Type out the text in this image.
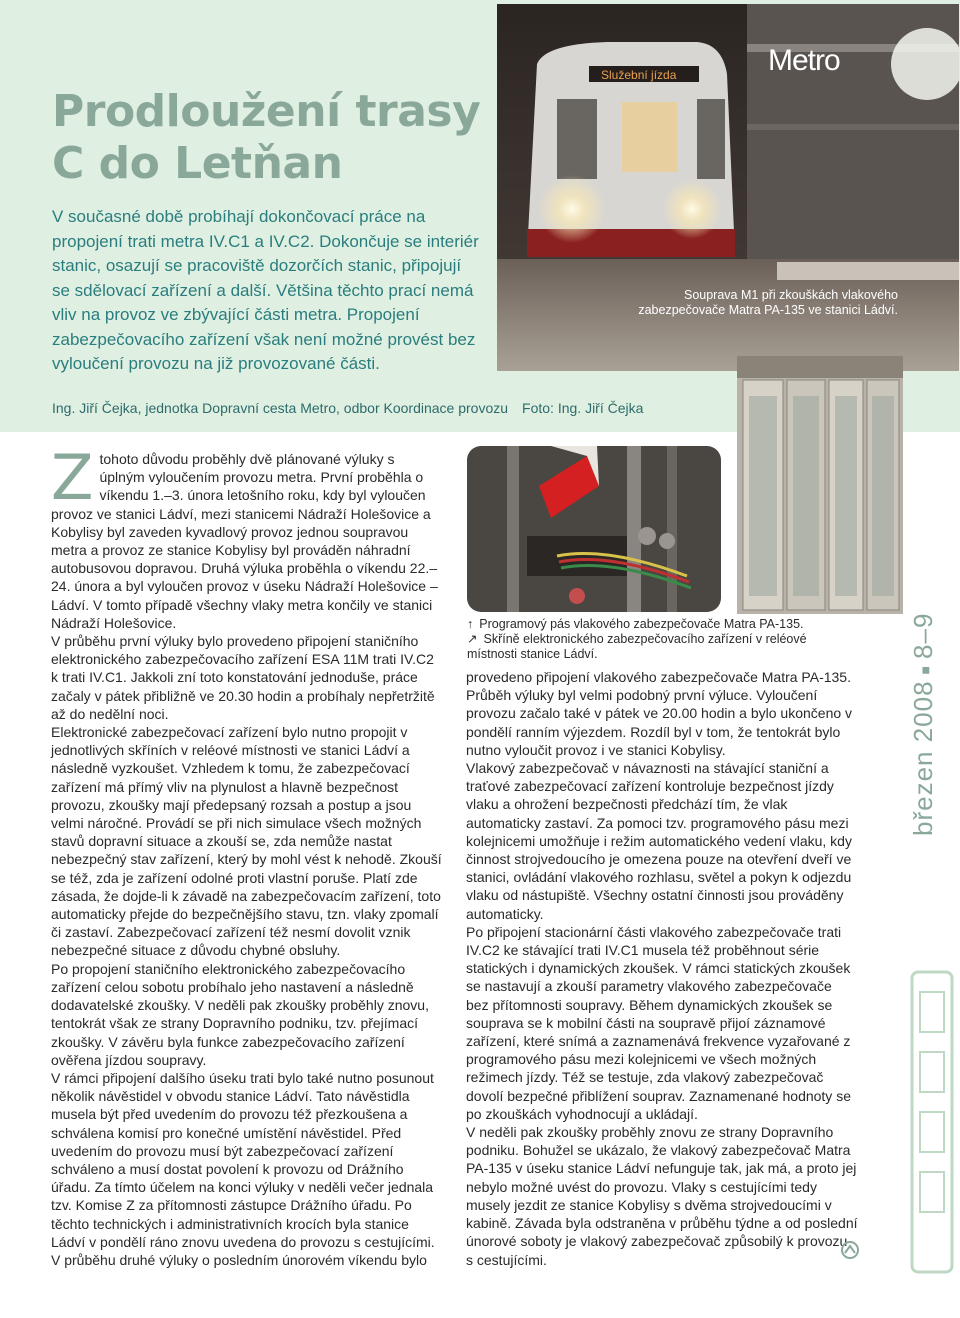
Prodloužení trasy C do Letňan

V současné době probíhají dokončovací práce na propojení trati metra IV.C1 a IV.C2. Dokončuje se interiér stanic, osazují se pracoviště dozorčích stanic, připojují se sdělovací zařízení a další. Většina těchto prací nemá vliv na provoz ve zbývající části metra. Propojení zabezpečovacího zařízení však není možné provést bez vyloučení provozu na již provozované části.

Služební jízda	Metro
Souprava M1 při zkouškách vlakového zabezpečovače Matra PA-135 ve stanici Ládví.
Ing. Jiří Čejka, jednotka Dopravní cesta Metro, odbor Koordinace provozu Foto: Ing. Jiří Čejka
Z tohoto důvodu proběhly dvě plánované výluky s úplným vyloučením provozu metra. První proběhla o víkendu 1.–3. února letošního roku, kdy byl vyloučen provoz ve stanici Ládví, mezi stanicemi Nádraží Holešovice a Kobylisy byl zaveden kyvadlový provoz jednou soupravou metra a provoz ze stanice Kobylisy byl prováděn náhradní autobusovou dopravou. Druhá výluka proběhla o víkendu 22.–24. února a byl vyloučen provoz v úseku Nádraží Holešovice – Ládví. V tomto případě všechny vlaky metra končily ve stanici Nádraží Holešovice.

V průběhu první výluky bylo provedeno připojení staničního elektronického zabezpečovacího zařízení ESA 11M trati IV.C2 k trati IV.C1. Jakkoli zní toto konstatování jednoduše, práce začaly v pátek přibližně ve 20.30 hodin a probíhaly nepřetržitě až do nedělní noci.

Elektronické zabezpečovací zařízení bylo nutno propojit v jednotlivých skříních v reléové místnosti ve stanici Ládví a následně vyzkoušet. Vzhledem k tomu, že zabezpečovací zařízení má přímý vliv na plynulost a hlavně bezpečnost provozu, zkoušky mají předepsaný rozsah a postup a jsou velmi náročné. Provádí se při nich simulace všech možných stavů dopravní situace a zkouší se, zda nemůže nastat nebezpečný stav zařízení, který by mohl vést k nehodě. Zkouší se též, zda je zařízení odolné proti vlastní poruše. Platí zde zásada, že dojde-li k závadě na zabezpečovacím zařízení, toto automaticky přejde do bezpečnějšího stavu, tzn. vlaky zpomalí či zastaví. Zabezpečovací zařízení též nesmí dovolit vznik nebezpečné situace z důvodu chybné obsluhy.

Po propojení staničního elektronického zabezpečovacího zařízení celou sobotu probíhalo jeho nastavení a následně dodavatelské zkoušky. V neděli pak zkoušky proběhly znovu, tentokrát však ze strany Dopravního podniku, tzv. přejímací zkoušky. V závěru byla funkce zabezpečovacího zařízení ověřena jízdou soupravy.

V rámci připojení dalšího úseku trati bylo také nutno posunout několik návěstidel v obvodu stanice Ládví. Tato návěstidla musela být před uvedením do provozu též přezkoušena a schválena komisí pro konečné umístění návěstidel. Před uvedením do provozu musí být zabezpečovací zařízení schváleno a musí dostat povolení k provozu od Drážního úřadu. Za tímto účelem na konci výluky v neděli večer jednala tzv. Komise Z za přítomnosti zástupce Drážního úřadu. Po těchto technických i administrativních krocích byla stanice Ládví v pondělí ráno znovu uvedena do provozu s cestujícími.

V průběhu druhé výluky o posledním únorovém víkendu bylo

↑ Programový pás vlakového zabezpečovače Matra PA-135.
↗ Skříně elektronického zabezpečovacího zařízení v reléové místnosti stanice Ládví.

provedeno připojení vlakového zabezpečovače Matra PA-135. Průběh výluky byl velmi podobný první výluce. Vyloučení provozu začalo také v pátek ve 20.00 hodin a bylo ukončeno v pondělí ranním výjezdem. Rozdíl byl v tom, že tentokrát bylo nutno vyloučit provoz i ve stanici Kobylisy.

Vlakový zabezpečovač v návaznosti na stávající staniční a traťové zabezpečovací zařízení kontroluje bezpečnost jízdy vlaku a ohrožení bezpečnosti předchází tím, že vlak automaticky zastaví. Za pomoci tzv. programového pásu mezi kolejnicemi umožňuje i režim automatického vedení vlaku, kdy činnost strojvedoucího je omezena pouze na otevření dveří ve stanici, ovládání vlakového rozhlasu, světel a pokyn k odjezdu vlaku od nástupiště. Všechny ostatní činnosti jsou prováděny automaticky.

Po připojení stacionární části vlakového zabezpečovače trati IV.C2 ke stávající trati IV.C1 musela též proběhnout série statických i dynamických zkoušek. V rámci statických zkoušek se nastavují a zkouší parametry vlakového zabezpečovače bez přítomnosti soupravy. Během dynamických zkoušek se souprava se k mobilní části na soupravě přijoí záznamové zařízení, které snímá a zaznamenává frekvence vyzařované z programového pásu mezi kolejnicemi ve všech možných režimech jízdy. Též se testuje, zda vlakový zabezpečovač dovolí bezpečné přiblížení souprav. Zaznamenané hodnoty se po zkouškách vyhodnocují a ukládají.

V neděli pak zkoušky proběhly znovu ze strany Dopravního podniku. Bohužel se ukázalo, že vlakový zabezpečovač Matra PA-135 v úseku stanice Ládví nefunguje tak, jak má, a proto jej nebylo možné uvést do provozu. Vlaky s cestujícími tedy musely jezdit ze stanice Kobylisy s dvěma strojvedoucími v kabině. Závada byla odstraněna v průběhu týdne a od poslední únorové soboty je vlakový zabezpečovač způsobilý k provozu s cestujícími.

březen 2008■8–9
